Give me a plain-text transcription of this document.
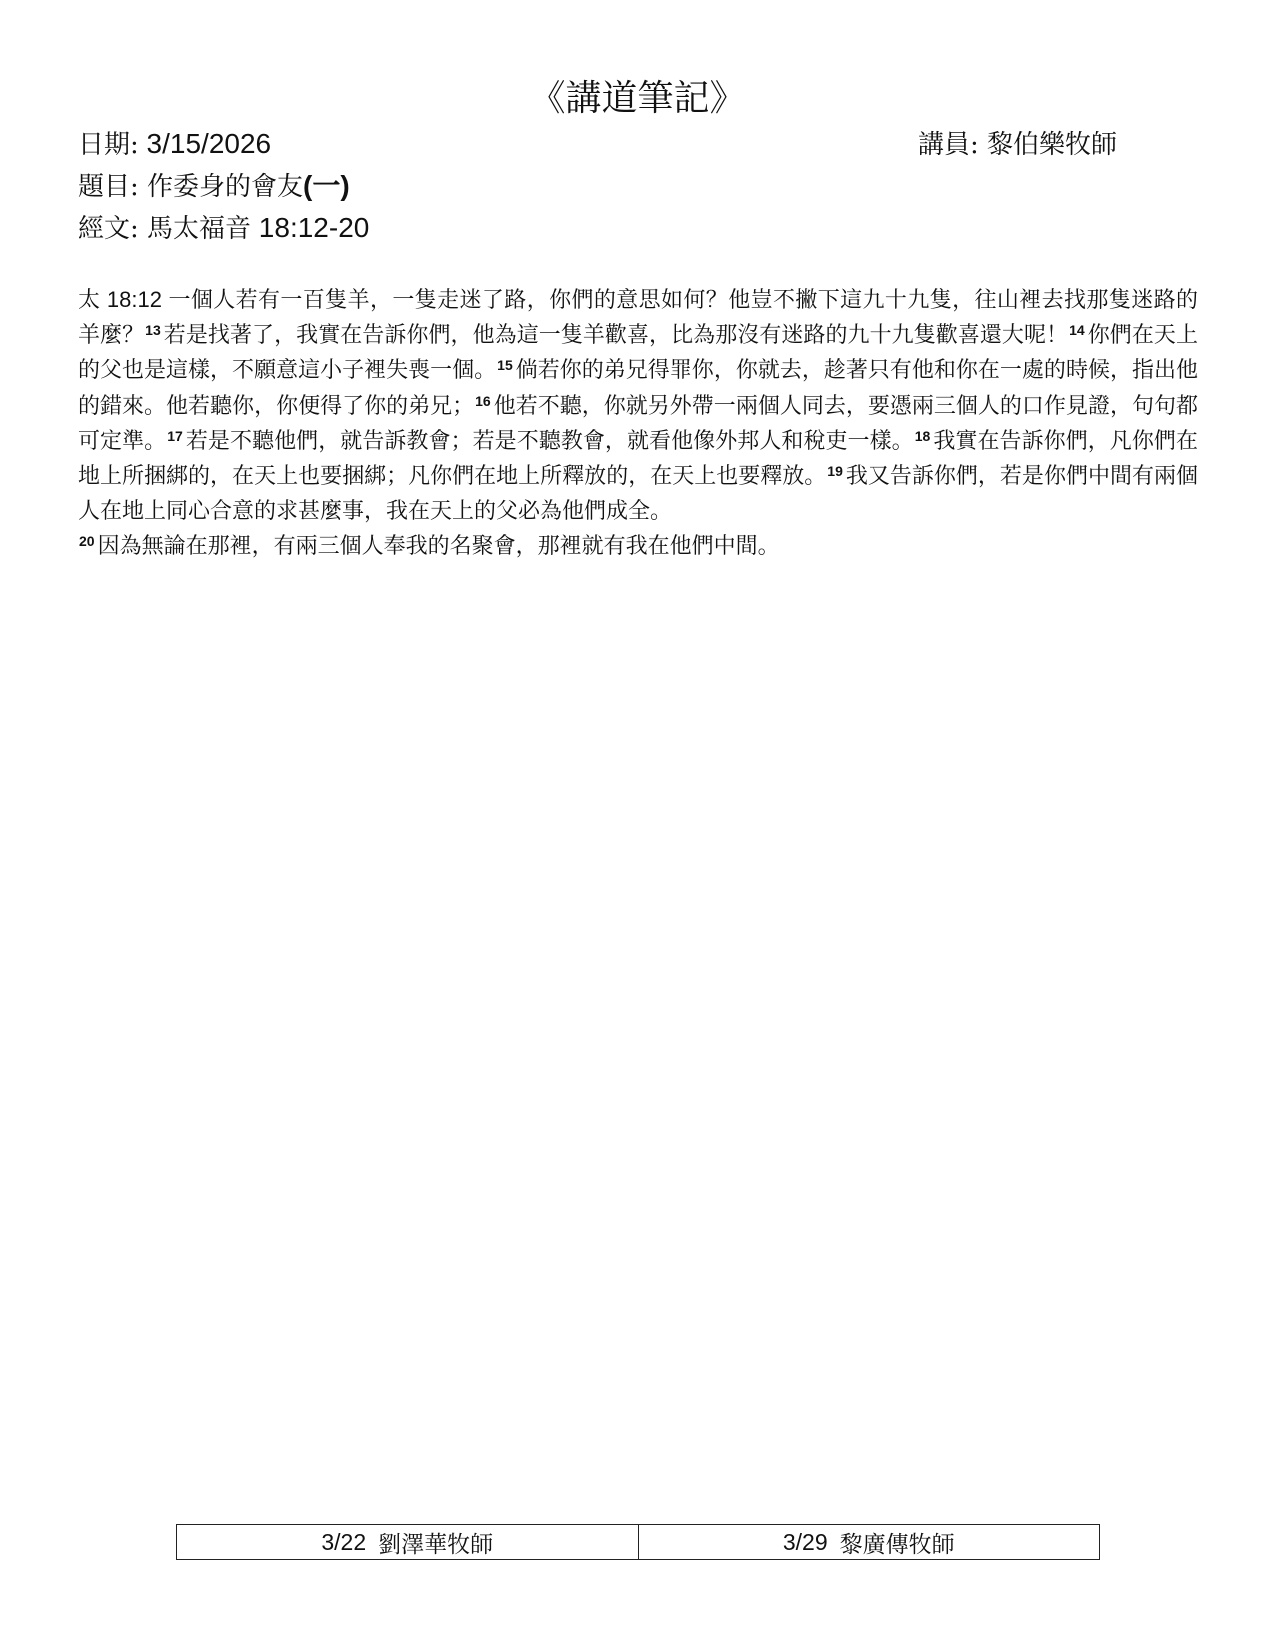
《講道筆記》
日期: 3/15/2026	講員: 黎伯樂牧師
題目: 作委身的會友(一)
經文: 馬太福音 18:12-20
太 18:12 一個人若有一百隻羊，一隻走迷了路，你們的意思如何？他豈不撇下這九十九隻，往山裡去找那隻迷路的羊麼？$^{13}$ 若是找著了，我實在告訴你們，他為這一隻羊歡喜，比為那沒有迷路的九十九隻歡喜還大呢！$^{14}$ 你們在天上的父也是這樣，不願意這小子裡失喪一個。$^{15}$ 倘若你的弟兄得罪你，你就去，趁著只有他和你在一處的時候，指出他的錯來。他若聽你，你便得了你的弟兄；$^{16}$ 他若不聽，你就另外帶一兩個人同去，要憑兩三個人的口作見證，句句都可定準。$^{17}$ 若是不聽他們，就告訴教會；若是不聽教會，就看他像外邦人和稅吏一樣。$^{18}$ 我實在告訴你們，凡你們在地上所捆綁的，在天上也要捆綁；凡你們在地上所釋放的，在天上也要釋放。$^{19}$ 我又告訴你們，若是你們中間有兩個人在地上同心合意的求甚麼事，我在天上的父必為他們成全。
$^{20}$ 因為無論在那裡，有兩三個人奉我的名聚會，那裡就有我在他們中間。
3/22 劉澤華牧師	3/29 黎廣傳牧師
